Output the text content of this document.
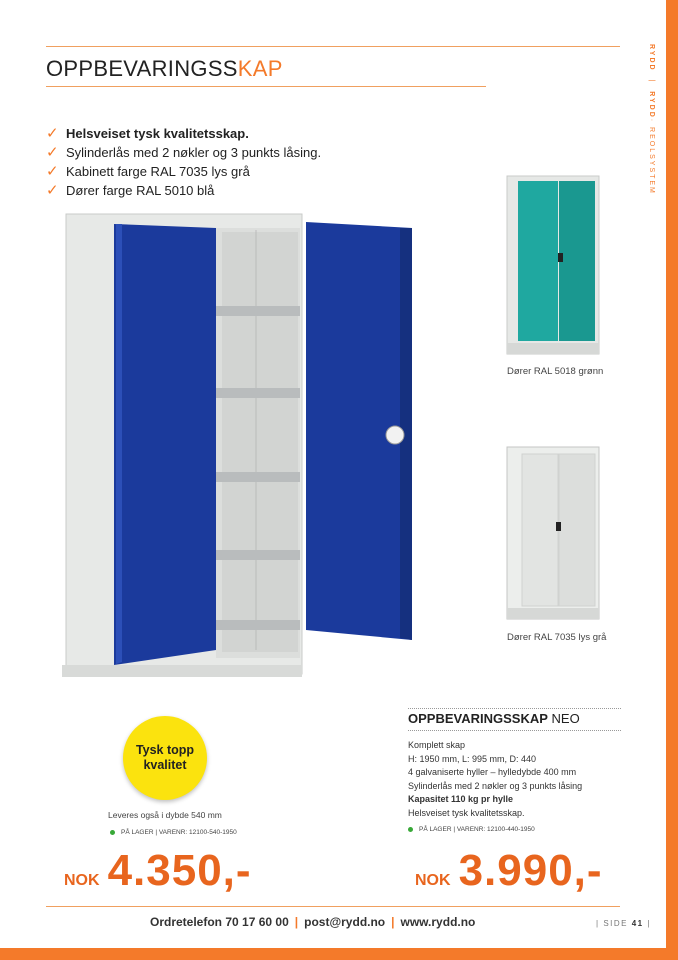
OPPBEVARINGSSKAP	RYDD  |  RYDD· REOLSYSTEM
✓ Helsveiset tysk kvalitetsskap.
✓ Sylinderlås med 2 nøkler og 3 punkts låsing.
✓ Kabinett farge RAL 7035 lys grå
✓ Dører farge RAL 5010 blå
Dører RAL 5018 grønn
Dører RAL 7035 lys grå
Tysk topp
kvalitet
Leveres også i dybde 540 mm
PÅ LAGER | VARENR: 12100-540-1950
NOK 4.350,-
OPPBEVARINGSSKAP NEO
Komplett skap
H: 1950 mm, L: 995 mm, D: 440
4 galvaniserte hyller – hylledybde 400 mm
Sylinderlås med 2 nøkler og 3 punkts låsing
Kapasitet 110 kg pr hylle
Helsveiset tysk kvalitetsskap.
PÅ LAGER | VARENR: 12100-440-1950
NOK 3.990,-
Ordretelefon 70 17 60 00 | post@rydd.no | www.rydd.no	| SIDE 41 |
